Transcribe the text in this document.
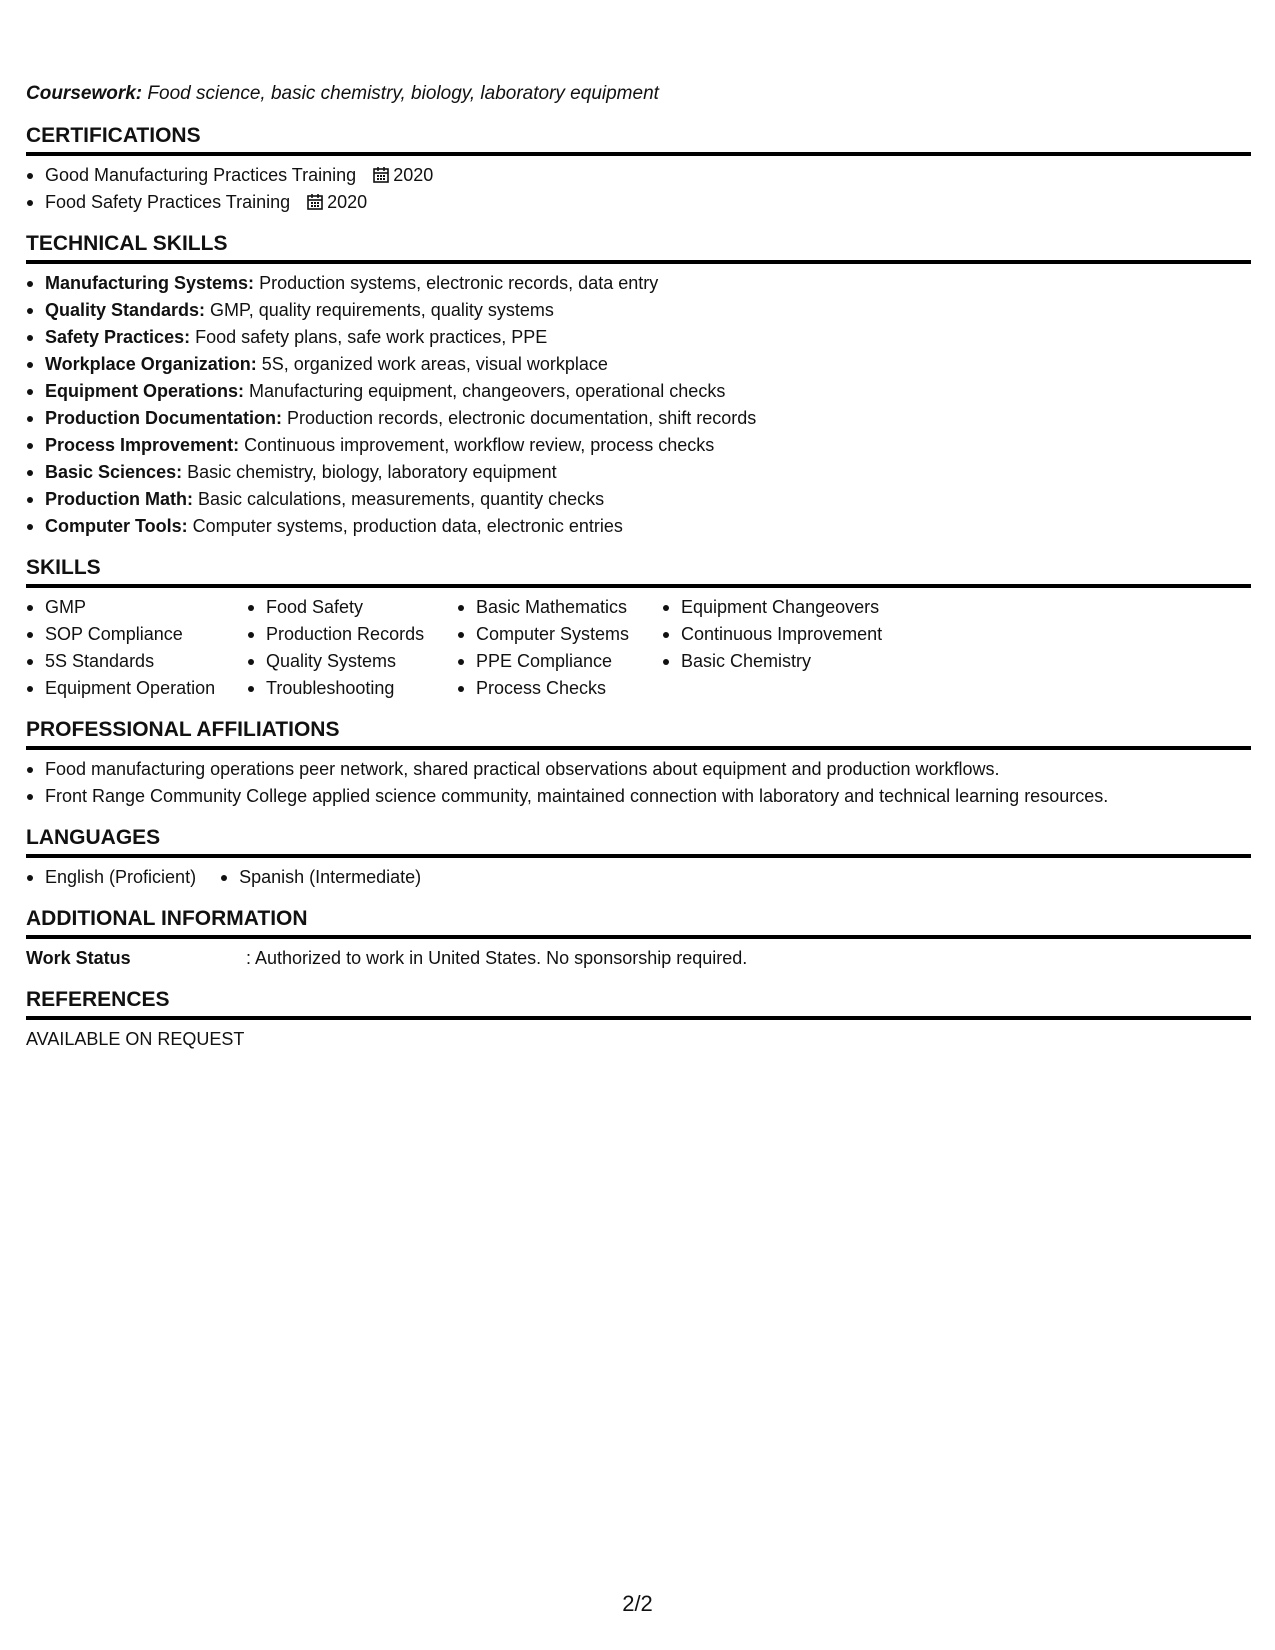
Coursework: Food science, basic chemistry, biology, laboratory equipment
CERTIFICATIONS
Good Manufacturing Practices Training 2020
Food Safety Practices Training 2020
TECHNICAL SKILLS
Manufacturing Systems: Production systems, electronic records, data entry
Quality Standards: GMP, quality requirements, quality systems
Safety Practices: Food safety plans, safe work practices, PPE
Workplace Organization: 5S, organized work areas, visual workplace
Equipment Operations: Manufacturing equipment, changeovers, operational checks
Production Documentation: Production records, electronic documentation, shift records
Process Improvement: Continuous improvement, workflow review, process checks
Basic Sciences: Basic chemistry, biology, laboratory equipment
Production Math: Basic calculations, measurements, quantity checks
Computer Tools: Computer systems, production data, electronic entries
SKILLS
GMP
SOP Compliance
5S Standards
Equipment Operation
Food Safety
Production Records
Quality Systems
Troubleshooting
Basic Mathematics
Computer Systems
PPE Compliance
Process Checks
Equipment Changeovers
Continuous Improvement
Basic Chemistry
PROFESSIONAL AFFILIATIONS
Food manufacturing operations peer network, shared practical observations about equipment and production workflows.
Front Range Community College applied science community, maintained connection with laboratory and technical learning resources.
LANGUAGES
English (Proficient)	Spanish (Intermediate)
ADDITIONAL INFORMATION
Work Status	: Authorized to work in United States. No sponsorship required.
REFERENCES
AVAILABLE ON REQUEST
2/2
